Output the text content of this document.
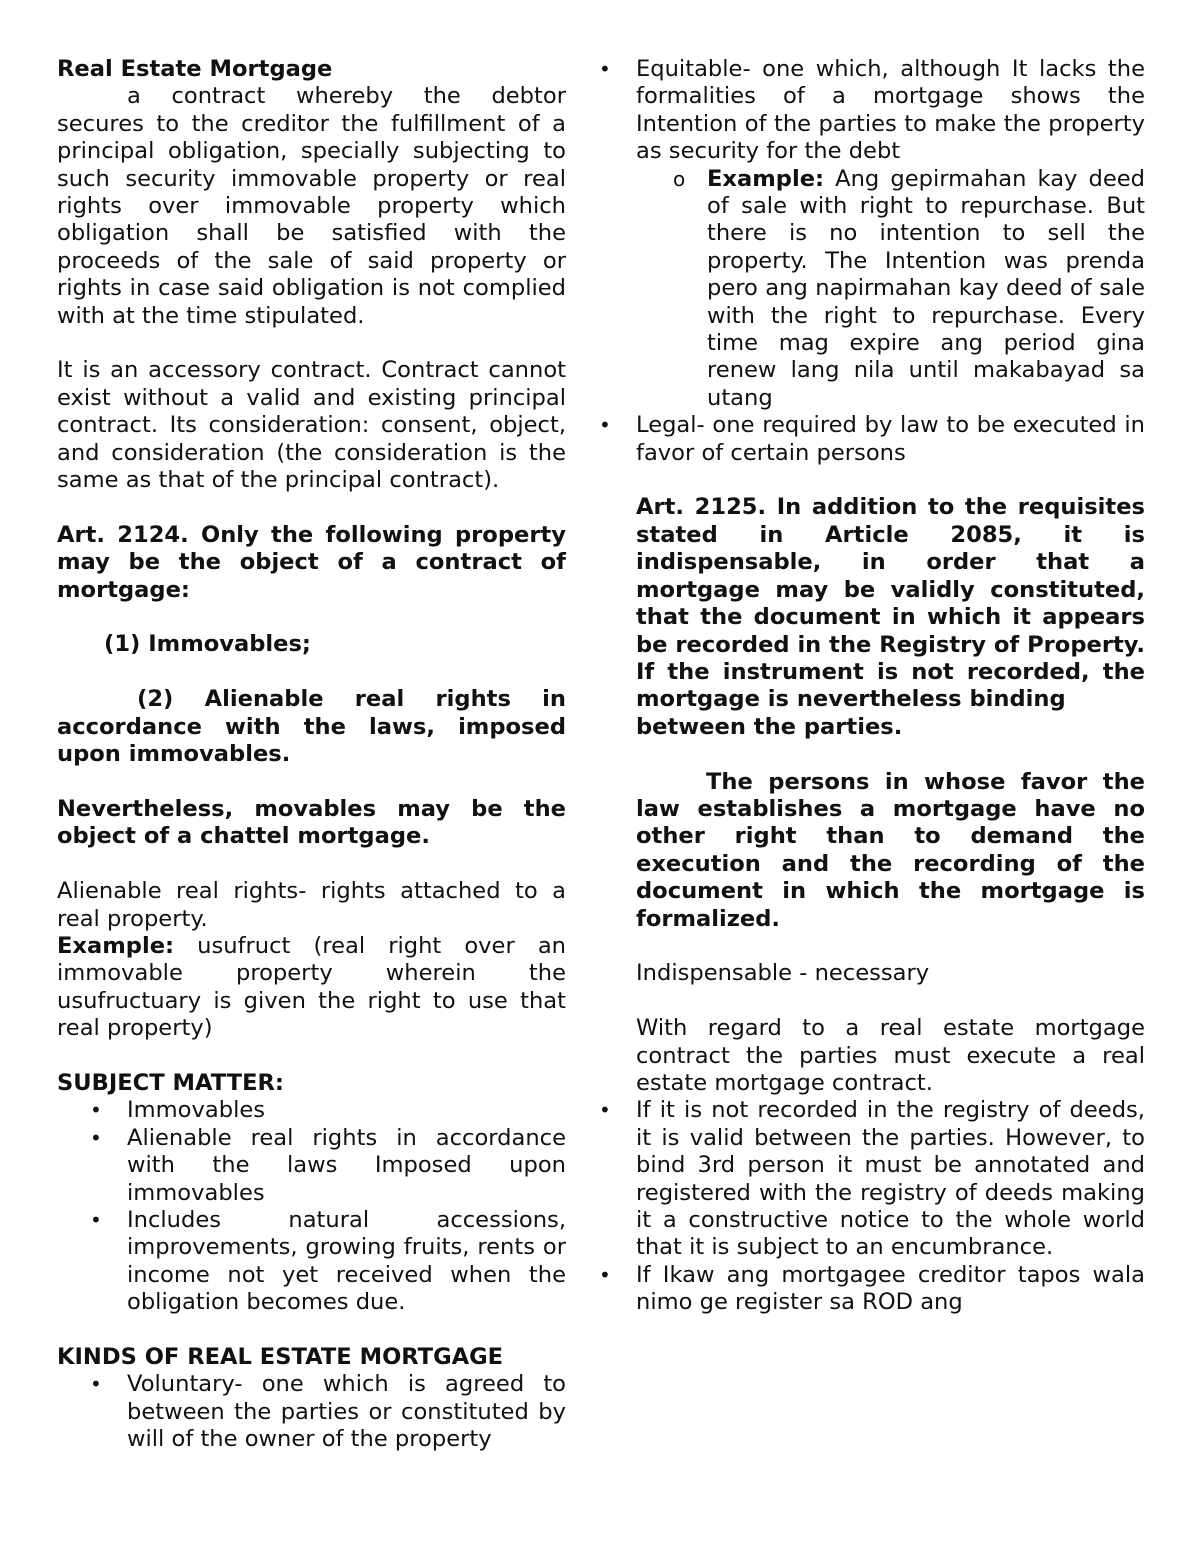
Real Estate Mortgage

a contract whereby the debtor secures to the creditor the fulfillment of a principal obligation, specially subjecting to such security immovable property or real rights over immovable property which obligation shall be satisfied with the proceeds of the sale of said property or rights in case said obligation is not complied with at the time stipulated.

It is an accessory contract. Contract cannot exist without a valid and existing principal contract. Its consideration: consent, object, and consideration (the consideration is the same as that of the principal contract).

Art. 2124. Only the following property may be the object of a contract of mortgage:

(1) Immovables;

(2) Alienable real rights in accordance with the laws, imposed upon immovables.

Nevertheless, movables may be the object of a chattel mortgage.

Alienable real rights- rights attached to a real property.

Example: usufruct (real right over an immovable property wherein the usufructuary is given the right to use that real property)

SUBJECT MATTER:

• Immovables
• Alienable real rights in accordance with the laws Imposed upon immovables
• Includes natural accessions, improvements, growing fruits, rents or income not yet received when the obligation becomes due.

KINDS OF REAL ESTATE MORTGAGE

• Voluntary- one which is agreed to between the parties or constituted by will of the owner of the property
• Equitable- one which, although It lacks the formalities of a mortgage shows the Intention of the parties to make the property as security for the debt
o Example: Ang gepirmahan kay deed of sale with right to repurchase. But there is no intention to sell the property. The Intention was prenda pero ang napirmahan kay deed of sale with the right to repurchase. Every time mag expire ang period gina renew lang nila until makabayad sa utang
• Legal- one required by law to be executed in favor of certain persons

Art. 2125. In addition to the requisites stated in Article 2085, it is indispensable, in order that a mortgage may be validly constituted, that the document in which it appears be recorded in the Registry of Property. If the instrument is not recorded, the mortgage is nevertheless binding

between the parties.

The persons in whose favor the law establishes a mortgage have no other right than to demand the execution and the recording of the document in which the mortgage is formalized.

Indispensable - necessary

With regard to a real estate mortgage contract the parties must execute a real estate mortgage contract.

• If it is not recorded in the registry of deeds, it is valid between the parties. However, to bind 3rd person it must be annotated and registered with the registry of deeds making it a constructive notice to the whole world that it is subject to an encumbrance.
• If Ikaw ang mortgagee creditor tapos wala nimo ge register sa ROD ang
